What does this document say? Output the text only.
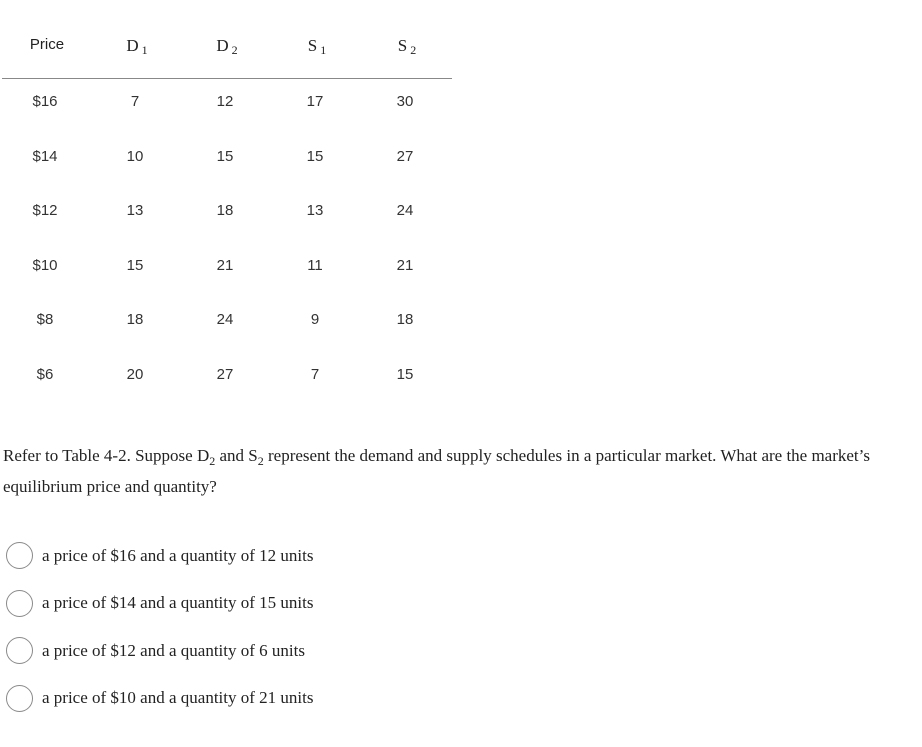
Price	D $_1$	D $_2$	S $_1$	S $_2$
$16	7	12	17	30
$14	10	15	15	27
$12	13	18	13	24
$10	15	21	11	21
$8	18	24	9	18
$6	20	27	7	15
Refer to Table 4-2. Suppose $D_2$ and $S_2$ represent the demand and supply schedules in a particular market. What are the market’s equilibrium price and quantity?
a price of $16 and a quantity of 12 units
a price of $14 and a quantity of 15 units
a price of $12 and a quantity of 6 units
a price of $10 and a quantity of 21 units
